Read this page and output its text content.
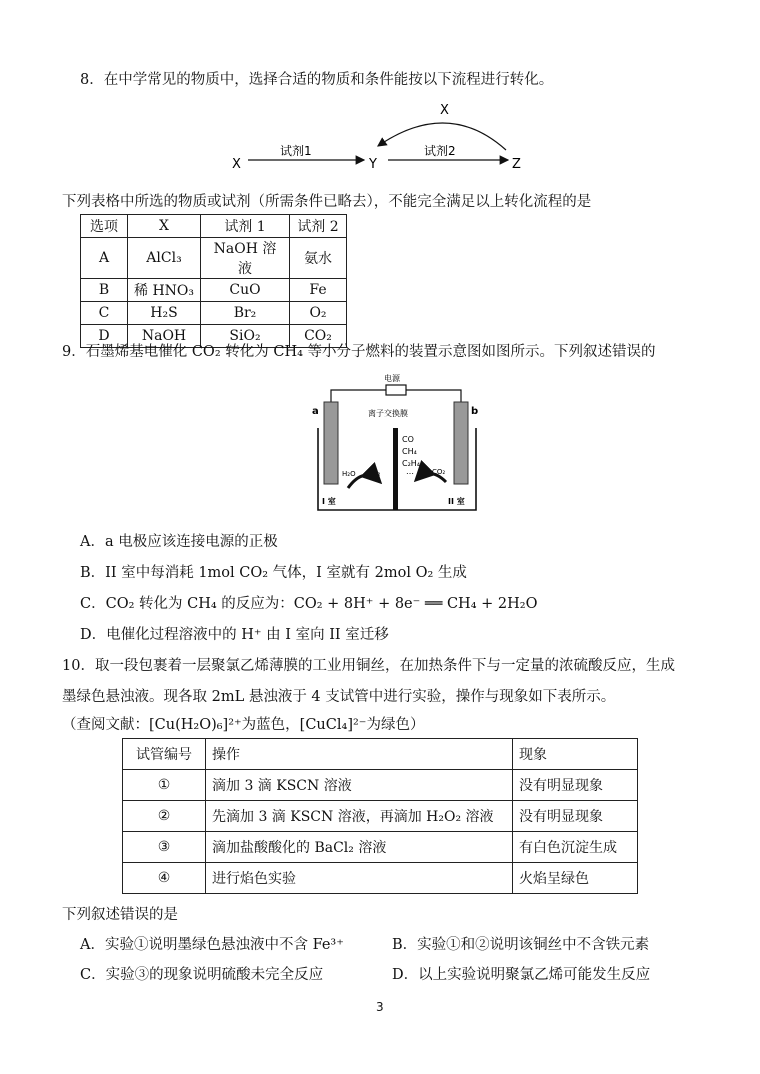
8．在中学常见的物质中，选择合适的物质和条件能按以下流程进行转化。
X
试剂1
Y
试剂2
Z
X
下列表格中所选的物质或试剂（所需条件已略去），不能完全满足以上转化流程的是
选项	X	试剂 1	试剂 2
A	AlCl₃	NaOH 溶液	氨水
B	稀 HNO₃	CuO	Fe
C	H₂S	Br₂	O₂
D	NaOH	SiO₂	CO₂
9．石墨烯基电催化 CO₂ 转化为 CH₄ 等小分子燃料的装置示意图如图所示。下列叙述错误的
电源
离子交换膜
a	b
H₂O O₂
I 室
CO
CH₄
C₂H₄
…	CO₂
II 室
A．a 电极应该连接电源的正极
B．II 室中每消耗 1mol CO₂ 气体，I 室就有 2mol O₂ 生成
C．CO₂ 转化为 CH₄ 的反应为：CO₂ + 8H⁺ + 8e⁻ ══ CH₄ + 2H₂O
D．电催化过程溶液中的 H⁺ 由 I 室向 II 室迁移
10．取一段包裹着一层聚氯乙烯薄膜的工业用铜丝，在加热条件下与一定量的浓硫酸反应，生成
墨绿色悬浊液。现各取 2mL 悬浊液于 4 支试管中进行实验，操作与现象如下表所示。
（查阅文献：[Cu(H₂O)₆]²⁺为蓝色，[CuCl₄]²⁻为绿色）
试管编号	操作	现象
①	滴加 3 滴 KSCN 溶液	没有明显现象
②	先滴加 3 滴 KSCN 溶液，再滴加 H₂O₂ 溶液	没有明显现象
③	滴加盐酸酸化的 BaCl₂ 溶液	有白色沉淀生成
④	进行焰色实验	火焰呈绿色
下列叙述错误的是
A．实验①说明墨绿色悬浊液中不含 Fe³⁺	B．实验①和②说明该铜丝中不含铁元素
C．实验③的现象说明硫酸未完全反应	D．以上实验说明聚氯乙烯可能发生反应
3
